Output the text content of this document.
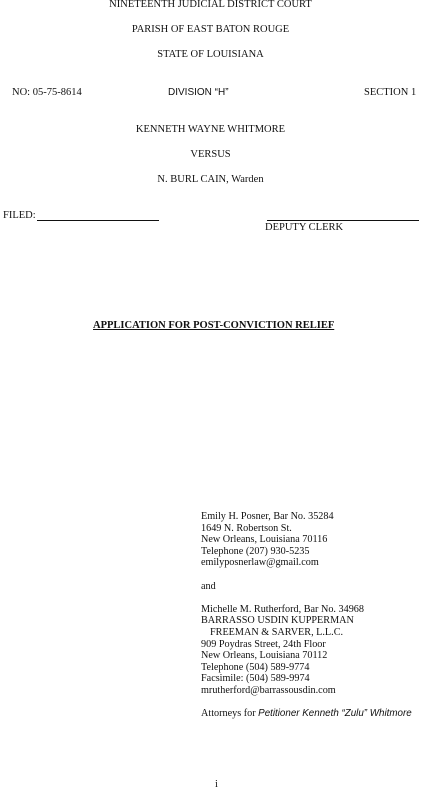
NINETEENTH JUDICIAL DISTRICT COURT
PARISH OF EAST BATON ROUGE
STATE OF LOUISIANA
NO: 05-75-8614	DIVISION “H”	SECTION 1
KENNETH WAYNE WHITMORE
VERSUS
N. BURL CAIN, Warden
FILED:
DEPUTY CLERK
APPLICATION FOR POST-CONVICTION RELIEF
Emily H. Posner, Bar No. 35284
1649 N. Robertson St.
New Orleans, Louisiana 70116
Telephone (207) 930-5235
emilyposnerlaw@gmail.com
and
Michelle M. Rutherford, Bar No. 34968
BARRASSO USDIN KUPPERMAN
FREEMAN & SARVER, L.L.C.
909 Poydras Street, 24th Floor
New Orleans, Louisiana 70112
Telephone (504) 589-9774
Facsimile: (504) 589-9974
mrutherford@barrassousdin.com
Attorneys for Petitioner Kenneth “Zulu” Whitmore
i
